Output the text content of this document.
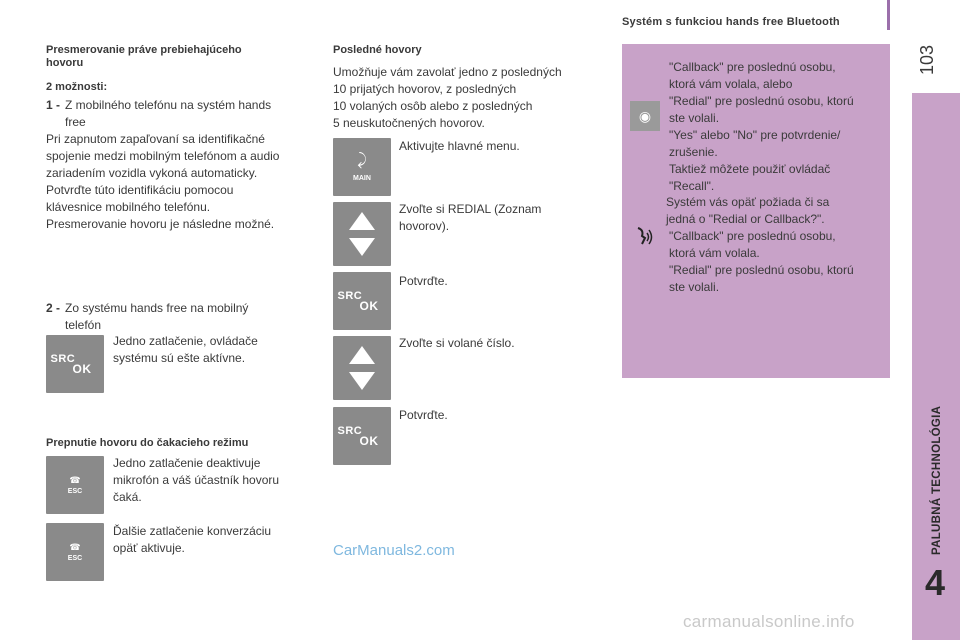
Systém s funkciou hands free Bluetooth
103
PALUBNÁ TECHNOLÓGIA
4
Presmerovanie práve prebiehajúceho
hovoru
2 možnosti:
1 - Z mobilného telefónu na systém hands
free
Pri zapnutom zapaľovaní sa identifikačné
spojenie medzi mobilným telefónom a audio
zariadením vozidla vykoná automaticky.
Potvrďte túto identifikáciu pomocou
klávesnice mobilného telefónu.
Presmerovanie hovoru je následne možné.
2 - Zo systému hands free na mobilný
telefón
SRC
OK
Jedno zatlačenie, ovládače
systému sú ešte aktívne.
Prepnutie hovoru do čakacieho režimu
☎
ESC
Jedno zatlačenie deaktivuje
mikrofón a váš účastník hovoru
čaká.
☎
ESC
Ďalšie zatlačenie konverzáciu
opäť aktivuje.
Posledné hovory
Umožňuje vám zavolať jedno z posledných
10 prijatých hovorov, z posledných
10 volaných osôb alebo z posledných
5 neuskutočnených hovorov.
⤸
MAIN
Aktivujte hlavné menu.
Zvoľte si REDIAL (Zoznam
hovorov).
SRC
OK
Potvrďte.
Zvoľte si volané číslo.
SRC
OK
Potvrďte.
◉
"Callback" pre poslednú osobu,
ktorá vám volala, alebo
"Redial" pre poslednú osobu, ktorú
ste volali.
"Yes" alebo "No" pre potvrdenie/
zrušenie.
Taktiež môžete použiť ovládač
"Recall".
Systém vás opäť požiada či sa
jedná o "Redial or Callback?".
"Callback" pre poslednú osobu,
ktorá vám volala.
"Redial" pre poslednú osobu, ktorú
ste volali.
CarManuals2.com
carmanualsonline.info
